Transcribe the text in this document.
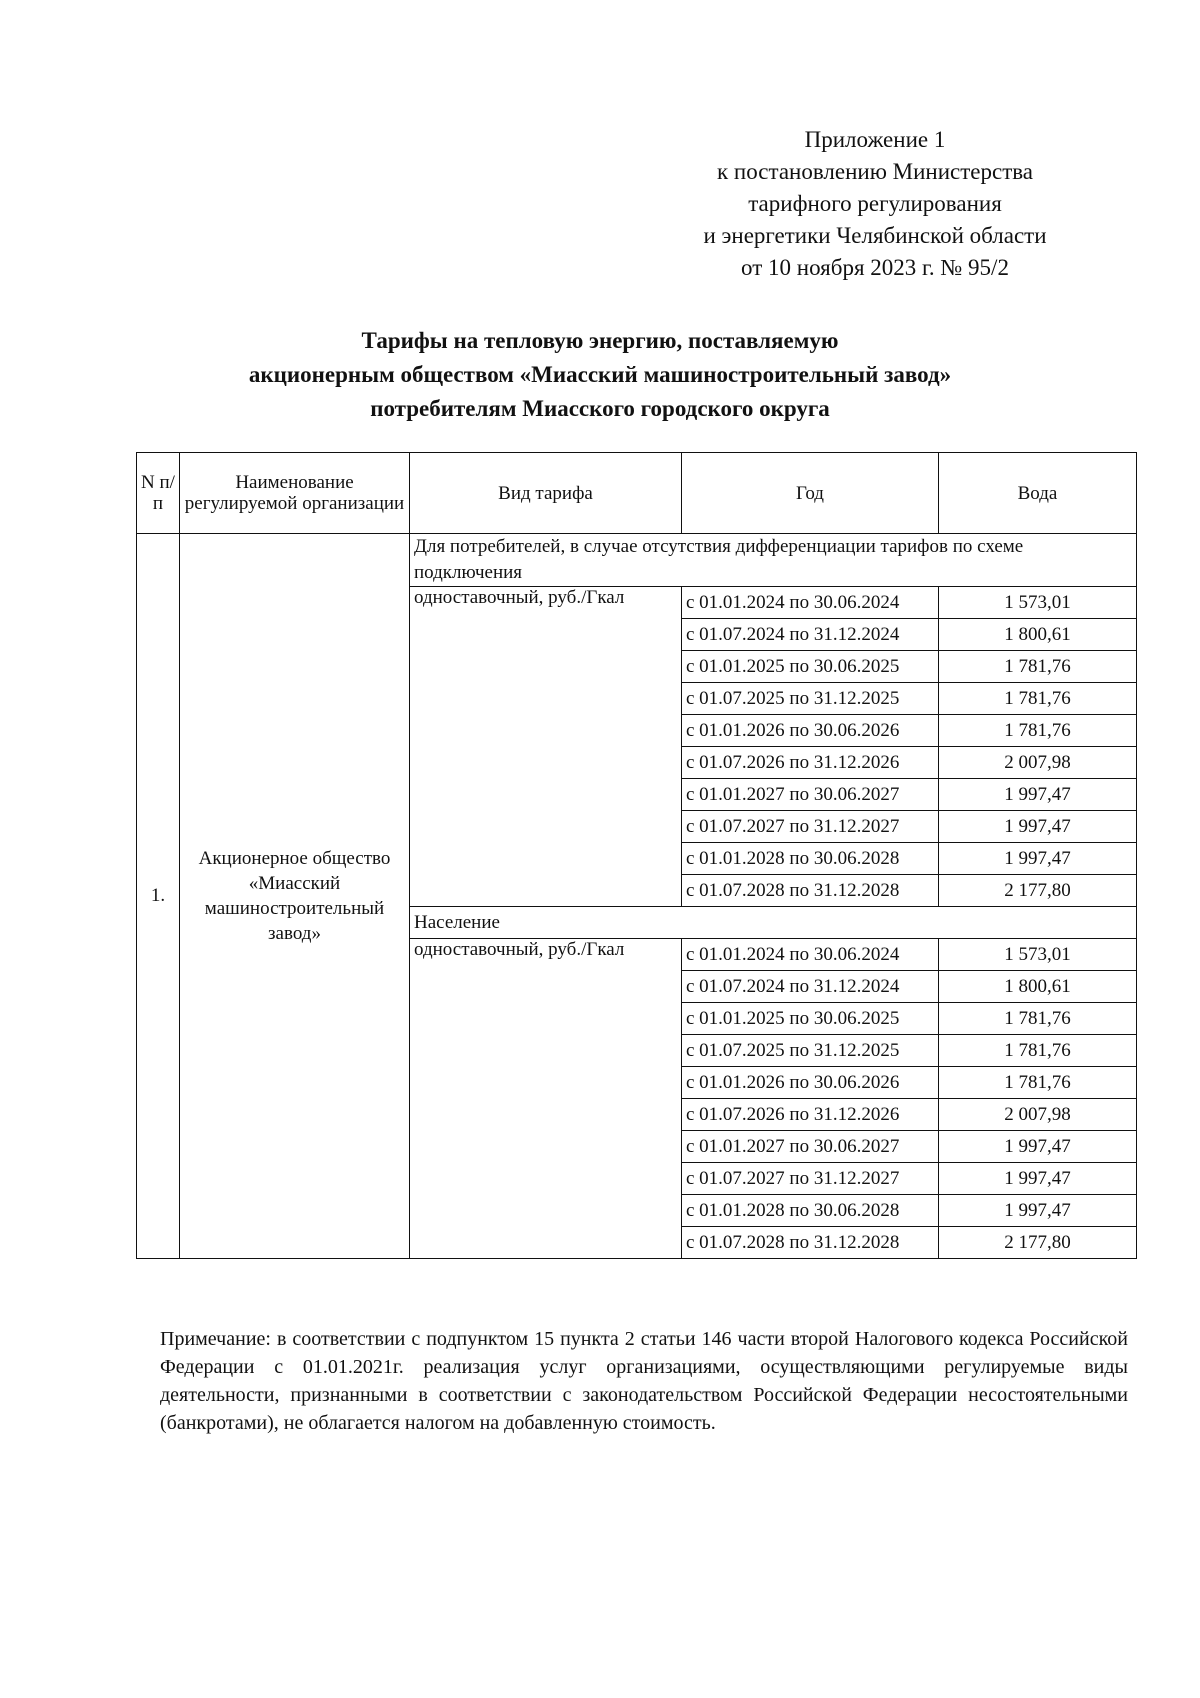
Приложение 1
к постановлению Министерства
тарифного регулирования
и энергетики Челябинской области
от 10 ноября 2023 г. № 95/2
Тарифы на тепловую энергию, поставляемую
акционерным обществом «Миасский машиностроительный завод»
потребителям Миасского городского округа
N п/п	Наименование регулируемой организации	Вид тарифа	Год	Вода
1.	Акционерное общество «Миасский машиностроительный завод»	Для потребителей, в случае отсутствия дифференциации тарифов по схеме подключения		
		одноставочный, руб./Гкал	с 01.01.2024 по 30.06.2024	1 573,01
			с 01.07.2024 по 31.12.2024	1 800,61
			с 01.01.2025 по 30.06.2025	1 781,76
			с 01.07.2025 по 31.12.2025	1 781,76
			с 01.01.2026 по 30.06.2026	1 781,76
			с 01.07.2026 по 31.12.2026	2 007,98
			с 01.01.2027 по 30.06.2027	1 997,47
			с 01.07.2027 по 31.12.2027	1 997,47
			с 01.01.2028 по 30.06.2028	1 997,47
			с 01.07.2028 по 31.12.2028	2 177,80
		Население		
		одноставочный, руб./Гкал	с 01.01.2024 по 30.06.2024	1 573,01
			с 01.07.2024 по 31.12.2024	1 800,61
			с 01.01.2025 по 30.06.2025	1 781,76
			с 01.07.2025 по 31.12.2025	1 781,76
			с 01.01.2026 по 30.06.2026	1 781,76
			с 01.07.2026 по 31.12.2026	2 007,98
			с 01.01.2027 по 30.06.2027	1 997,47
			с 01.07.2027 по 31.12.2027	1 997,47
			с 01.01.2028 по 30.06.2028	1 997,47
			с 01.07.2028 по 31.12.2028	2 177,80
Примечание: в соответствии с подпунктом 15 пункта 2 статьи 146 части второй Налогового кодекса Российской Федерации с 01.01.2021г. реализация услуг организациями, осуществляющими регулируемые виды деятельности, признанными в соответствии с законодательством Российской Федерации несостоятельными (банкротами), не облагается налогом на добавленную стоимость.
